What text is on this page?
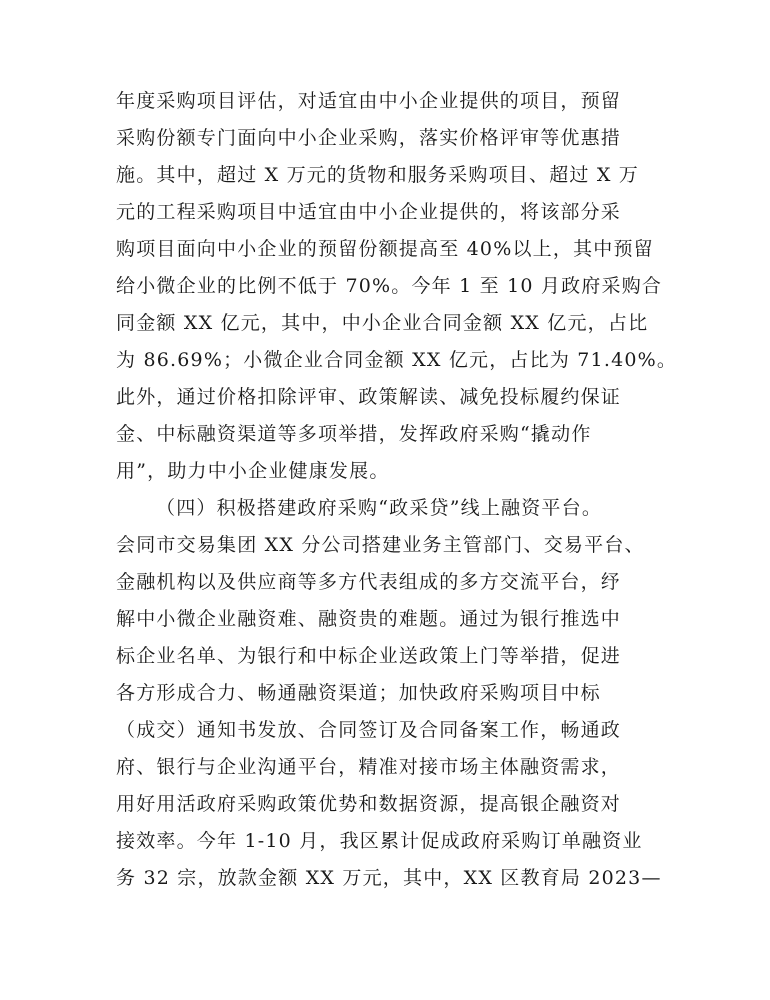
年度采购项目评估，对适宜由中小企业提供的项目，预留
采购份额专门面向中小企业采购，落实价格评审等优惠措
施。其中，超过 X 万元的货物和服务采购项目、超过 X 万
元的工程采购项目中适宜由中小企业提供的，将该部分采
购项目面向中小企业的预留份额提高至 40%以上，其中预留
给小微企业的比例不低于 70%。今年 1 至 10 月政府采购合
同金额 XX 亿元，其中，中小企业合同金额 XX 亿元，占比
为 86.69%；小微企业合同金额 XX 亿元，占比为 71.40%。
此外，通过价格扣除评审、政策解读、减免投标履约保证
金、中标融资渠道等多项举措，发挥政府采购“撬动作
用”，助力中小企业健康发展。
（四）积极搭建政府采购“政采贷”线上融资平台。
会同市交易集团 XX 分公司搭建业务主管部门、交易平台、
金融机构以及供应商等多方代表组成的多方交流平台，纾
解中小微企业融资难、融资贵的难题。通过为银行推选中
标企业名单、为银行和中标企业送政策上门等举措，促进
各方形成合力、畅通融资渠道；加快政府采购项目中标
（成交）通知书发放、合同签订及合同备案工作，畅通政
府、银行与企业沟通平台，精准对接市场主体融资需求，
用好用活政府采购政策优势和数据资源，提高银企融资对
接效率。今年 1-10 月，我区累计促成政府采购订单融资业
务 32 宗，放款金额 XX 万元，其中，XX 区教育局 2023—
